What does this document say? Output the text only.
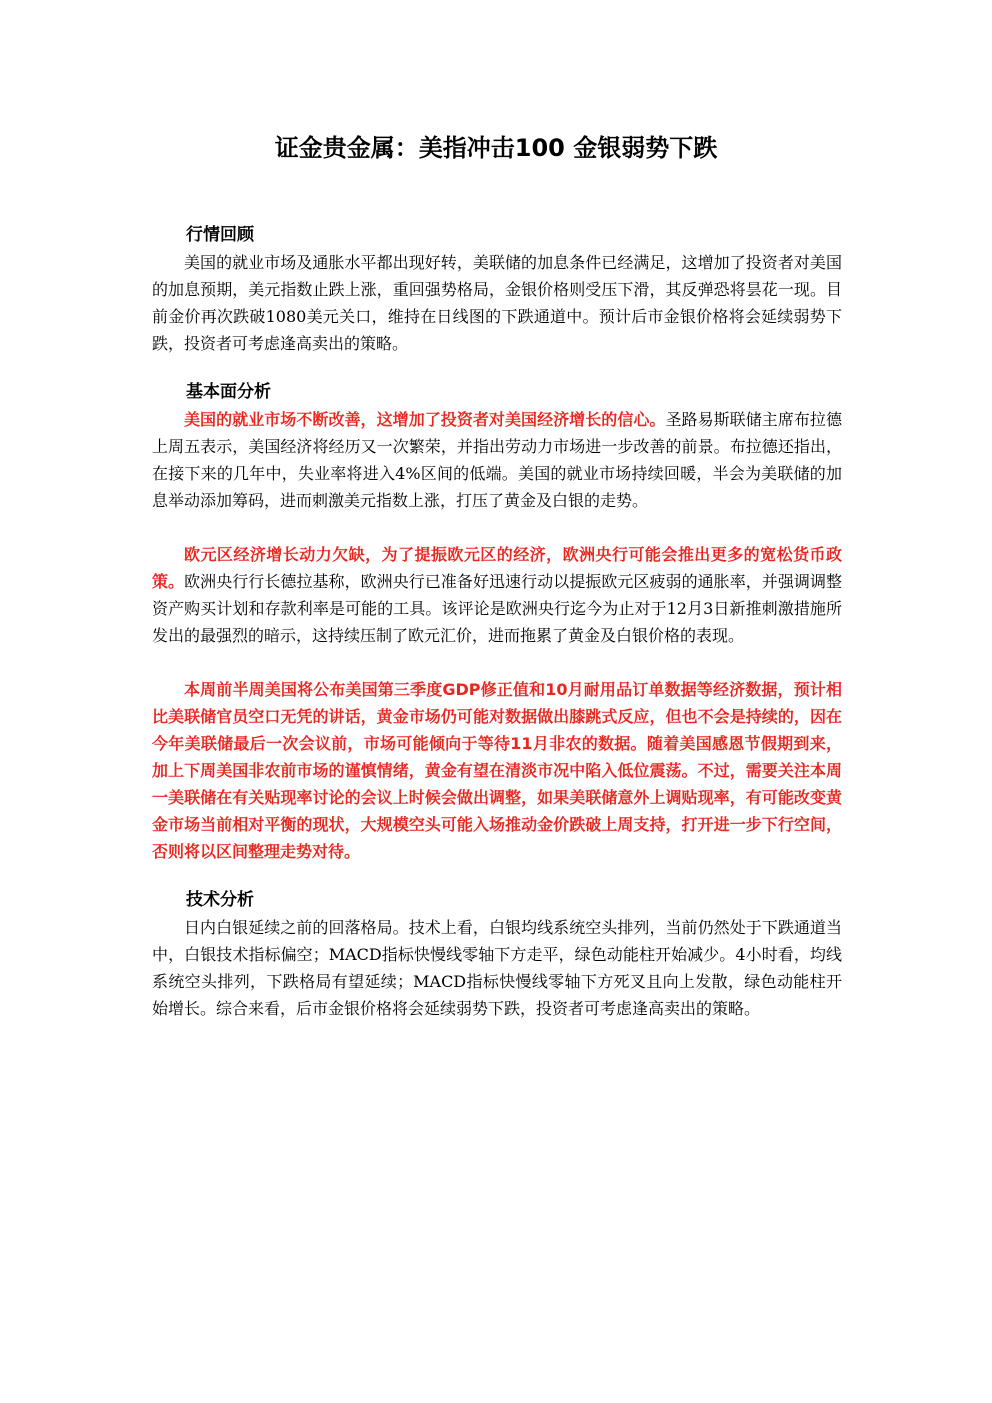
证金贵金属：美指冲击100 金银弱势下跌

行情回顾

美国的就业市场及通胀水平都出现好转，美联储的加息条件已经满足，这增加了投资者对美国的加息预期，美元指数止跌上涨，重回强势格局，金银价格则受压下滑，其反弹恐将昙花一现。目前金价再次跌破1080美元关口，维持在日线图的下跌通道中。预计后市金银价格将会延续弱势下跌，投资者可考虑逢高卖出的策略。

基本面分析

美国的就业市场不断改善，这增加了投资者对美国经济增长的信心。圣路易斯联储主席布拉德上周五表示，美国经济将经历又一次繁荣，并指出劳动力市场进一步改善的前景。布拉德还指出，在接下来的几年中，失业率将进入4%区间的低端。美国的就业市场持续回暖，半会为美联储的加息举动添加筹码，进而刺激美元指数上涨，打压了黄金及白银的走势。

欧元区经济增长动力欠缺，为了提振欧元区的经济，欧洲央行可能会推出更多的宽松货币政策。欧洲央行行长德拉基称，欧洲央行已准备好迅速行动以提振欧元区疲弱的通胀率，并强调调整资产购买计划和存款利率是可能的工具。该评论是欧洲央行迄今为止对于12月3日新推刺激措施所发出的最强烈的暗示，这持续压制了欧元汇价，进而拖累了黄金及白银价格的表现。

本周前半周美国将公布美国第三季度GDP修正值和10月耐用品订单数据等经济数据，预计相比美联储官员空口无凭的讲话，黄金市场仍可能对数据做出膝跳式反应，但也不会是持续的，因在今年美联储最后一次会议前，市场可能倾向于等待11月非农的数据。随着美国感恩节假期到来，加上下周美国非农前市场的谨慎情绪，黄金有望在清淡市况中陷入低位震荡。不过，需要关注本周一美联储在有关贴现率讨论的会议上时候会做出调整，如果美联储意外上调贴现率，有可能改变黄金市场当前相对平衡的现状，大规模空头可能入场推动金价跌破上周支持，打开进一步下行空间，否则将以区间整理走势对待。

技术分析

日内白银延续之前的回落格局。技术上看，白银均线系统空头排列，当前仍然处于下跌通道当中，白银技术指标偏空；MACD指标快慢线零轴下方走平，绿色动能柱开始减少。4小时看，均线系统空头排列，下跌格局有望延续；MACD指标快慢线零轴下方死叉且向上发散，绿色动能柱开始增长。综合来看，后市金银价格将会延续弱势下跌，投资者可考虑逢高卖出的策略。
